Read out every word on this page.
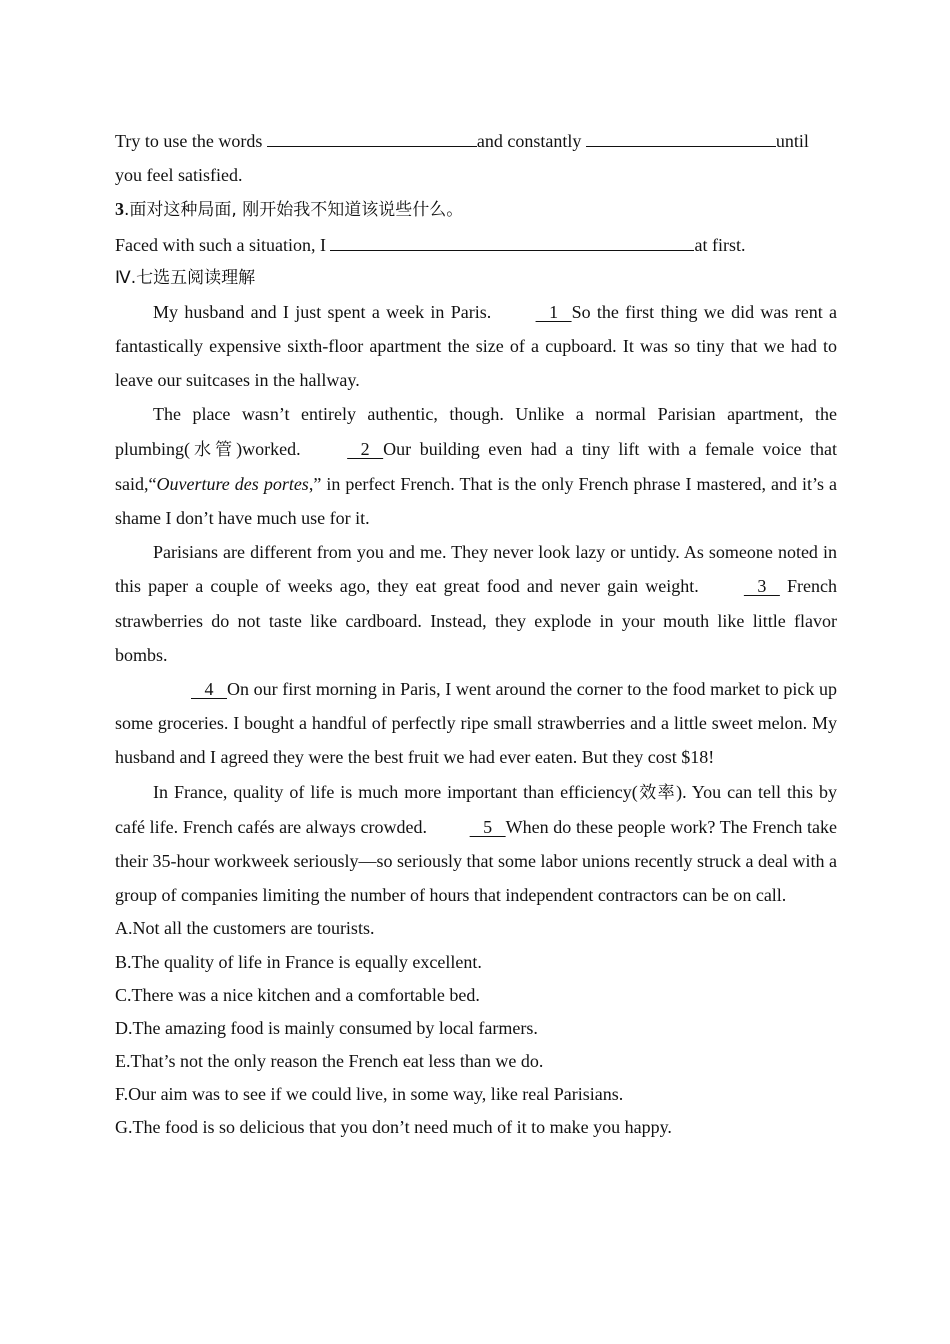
Try to use the words	and constantly	until
you feel satisfied.
3.面对这种局面, 刚开始我不知道该说些什么。
Faced with such a situation, I	at first.
Ⅳ.七选五阅读理解

My husband and I just spent a week in Paris.    1   So the first thing we did was rent a fantastically expensive sixth-floor apartment the size of a cupboard. It was so tiny that we had to leave our suitcases in the hallway.

The place wasn’t entirely authentic, though. Unlike a normal Parisian apartment, the plumbing(水管)worked.    2   Our building even had a tiny lift with a female voice that said,“Ouverture des portes,” in perfect French. That is the only French phrase I mastered, and it’s a shame I don’t have much use for it.

Parisians are different from you and me. They never look lazy or untidy. As someone noted in this paper a couple of weeks ago, they eat great food and never gain weight.    3    French strawberries do not taste like cardboard. Instead, they explode in your mouth like little flavor bombs.

4   On our first morning in Paris, I went around the corner to the food market to pick up some groceries. I bought a handful of perfectly ripe small strawberries and a little sweet melon. My husband and I agreed they were the best fruit we had ever eaten. But they cost $18!

In France, quality of life is much more important than efficiency(效率). You can tell this by café life. French cafés are always crowded.    5   When do these people work? The French take their 35-hour workweek seriously—so seriously that some labor unions recently struck a deal with a group of companies limiting the number of hours that independent contractors can be on call.

A.Not all the customers are tourists.
B.The quality of life in France is equally excellent.
C.There was a nice kitchen and a comfortable bed.
D.The amazing food is mainly consumed by local farmers.
E.That’s not the only reason the French eat less than we do.
F.Our aim was to see if we could live, in some way, like real Parisians.
G.The food is so delicious that you don’t need much of it to make you happy.
